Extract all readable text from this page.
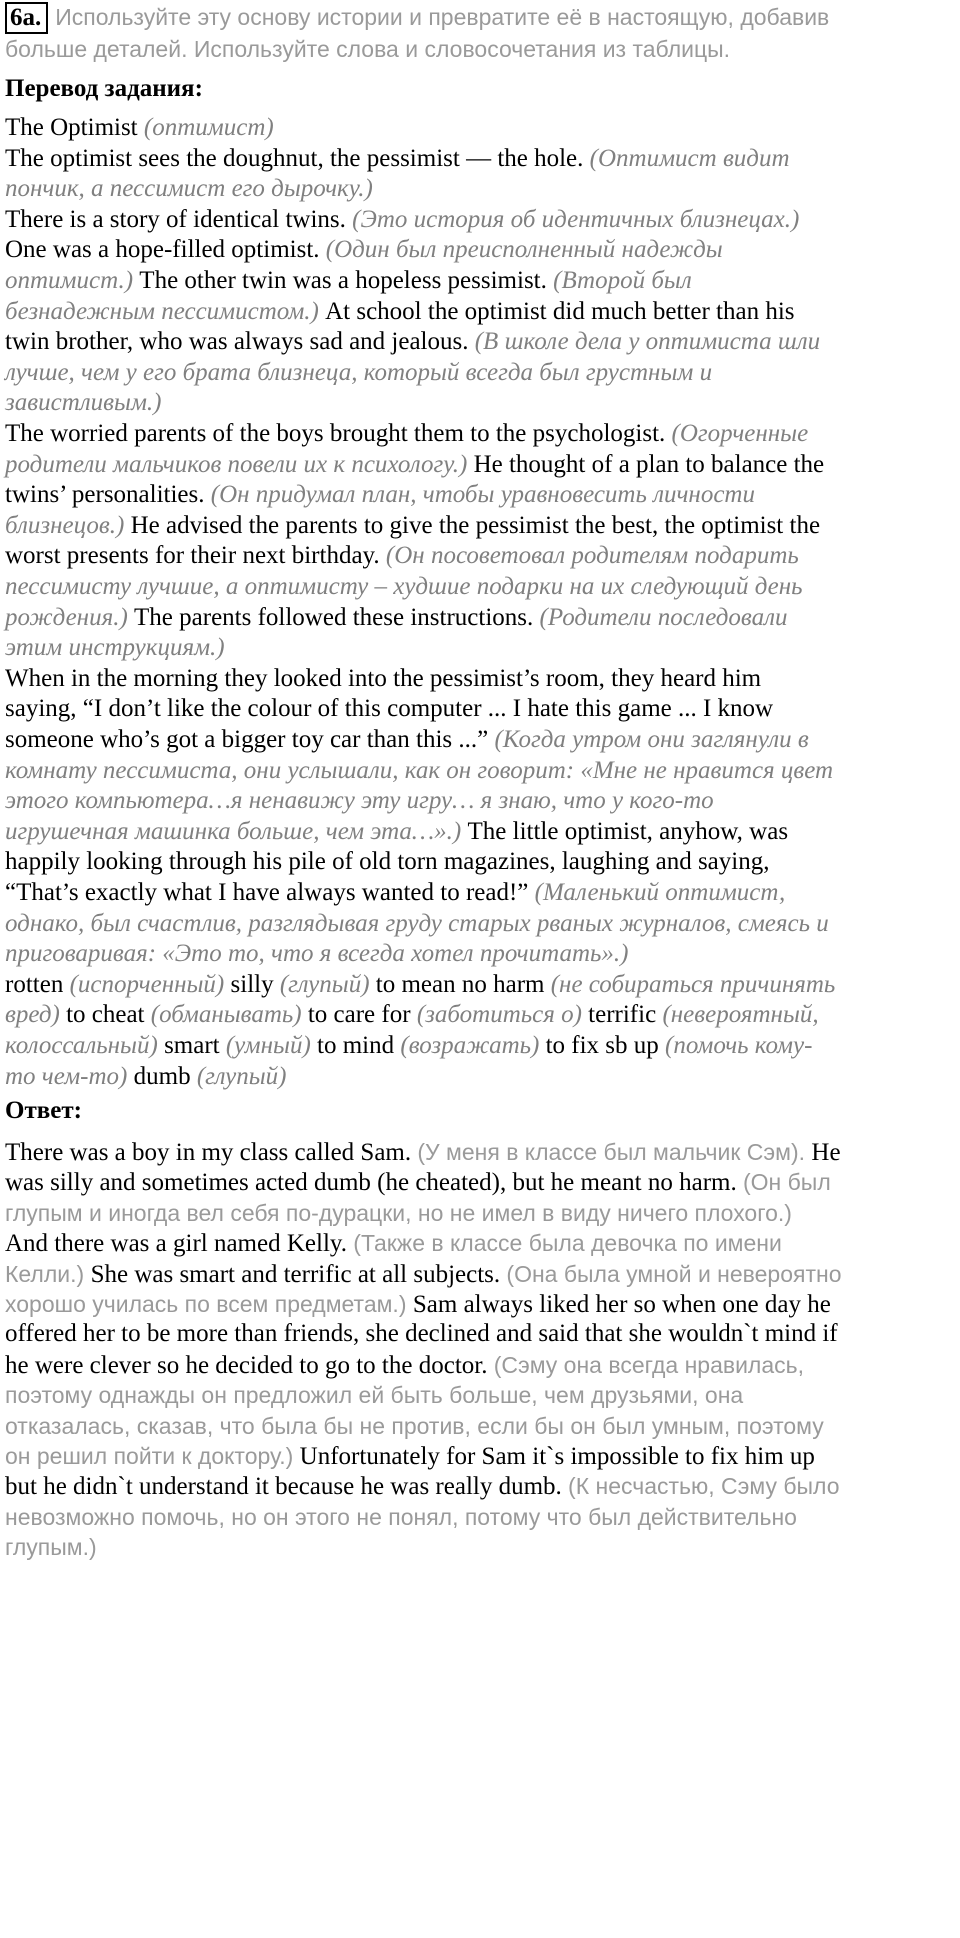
6a. Используйте эту основу истории и превратите её в настоящую, добавив
больше деталей. Используйте слова и словосочетания из таблицы.
Перевод задания:
The Optimist (оптимист)
The optimist sees the doughnut, the pessimist — the hole. (Оптимист видит
пончик, а пессимист его дырочку.)
There is a story of identical twins. (Это история об идентичных близнецах.)
One was a hope-filled optimist. (Один был преисполненный надежды
оптимист.) The other twin was a hopeless pessimist. (Второй был
безнадежным пессимистом.) At school the optimist did much better than his
twin brother, who was always sad and jealous. (В школе дела у оптимиста шли
лучше, чем у его брата близнеца, который всегда был грустным и
завистливым.)
The worried parents of the boys brought them to the psychologist. (Огорченные
родители мальчиков повели их к психологу.) He thought of a plan to balance the
twins’ personalities. (Он придумал план, чтобы уравновесить личности
близнецов.) He advised the parents to give the pessimist the best, the optimist the
worst presents for their next birthday. (Он посоветовал родителям подарить
пессимисту лучшие, а оптимисту – худшие подарки на их следующий день
рождения.) The parents followed these instructions. (Родители последовали
этим инструкциям.)
When in the morning they looked into the pessimist’s room, they heard him
saying, “I don’t like the colour of this computer ... I hate this game ... I know
someone who’s got a bigger toy car than this ...” (Когда утром они заглянули в
комнату пессимиста, они услышали, как он говорит: «Мне не нравится цвет
этого компьютера…я ненавижу эту игру… я знаю, что у кого-то
игрушечная машинка больше, чем эта…».) The little optimist, anyhow, was
happily looking through his pile of old torn magazines, laughing and saying,
“That’s exactly what I have always wanted to read!” (Маленький оптимист,
однако, был счастлив, разглядывая груду старых рваных журналов, смеясь и
приговаривая: «Это то, что я всегда хотел прочитать».)
rotten (испорченный) silly (глупый) to mean no harm (не собираться причинять
вред) to cheat (обманывать) to care for (заботиться о) terrific (невероятный,
колоссальный) smart (умный) to mind (возражать) to fix sb up (помочь кому-
то чем-то) dumb (глупый)
Ответ:
There was a boy in my class called Sam. (У меня в классе был мальчик Сэм). He
was silly and sometimes acted dumb (he cheated), but he meant no harm. (Он был
глупым и иногда вел себя по-дурацки, но не имел в виду ничего плохого.)
And there was a girl named Kelly. (Также в классе была девочка по имени
Келли.) She was smart and terrific at all subjects. (Она была умной и невероятно
хорошо училась по всем предметам.) Sam always liked her so when one day he
offered her to be more than friends, she declined and said that she wouldn`t mind if
he were clever so he decided to go to the doctor. (Сэму она всегда нравилась,
поэтому однажды он предложил ей быть больше, чем друзьями, она
отказалась, сказав, что была бы не против, если бы он был умным, поэтому
он решил пойти к доктору.) Unfortunately for Sam it`s impossible to fix him up
but he didn`t understand it because he was really dumb. (К несчастью, Сэму было
невозможно помочь, но он этого не понял, потому что был действительно
глупым.)
